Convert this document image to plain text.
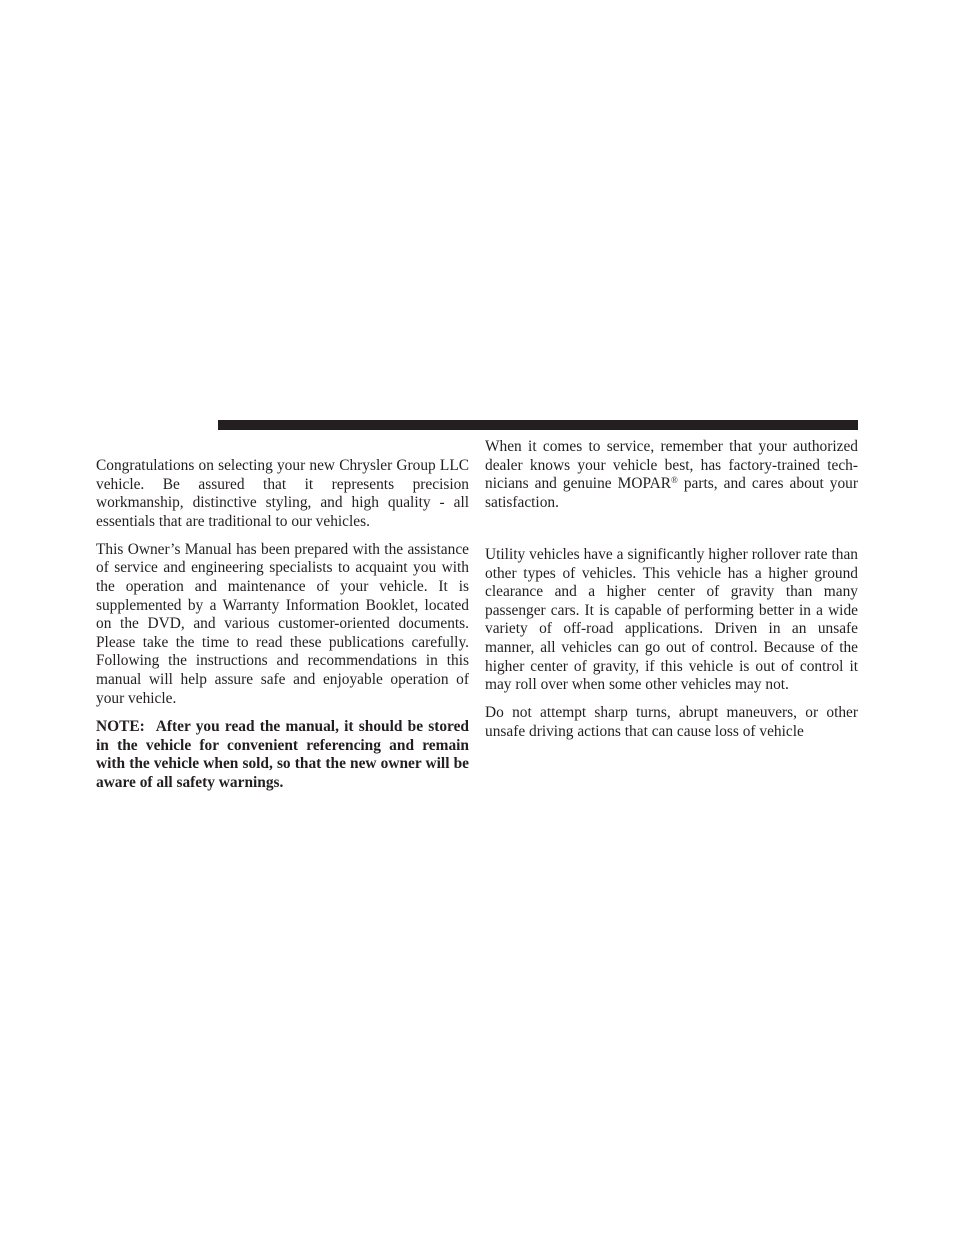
Congratulations on selecting your new Chrysler Group LLC vehicle. Be assured that it represents precision workmanship, distinctive styling, and high quality - all essentials that are traditional to our vehicles.

This Owner’s Manual has been prepared with the assistance of service and engineering specialists to acquaint you with the operation and maintenance of your vehicle. It is supplemented by a Warranty Information Booklet, located on the DVD, and various customer-oriented documents. Please take the time to read these publications carefully. Following the instructions and recommendations in this manual will help assure safe and enjoyable operation of your vehicle.

NOTE: After you read the manual, it should be stored in the vehicle for convenient referencing and remain with the vehicle when sold, so that the new owner will be aware of all safety warnings.

When it comes to service, remember that your authorized dealer knows your vehicle best, has factory-trained technicians and genuine MOPAR® parts, and cares about your satisfaction.

Utility vehicles have a significantly higher rollover rate than other types of vehicles. This vehicle has a higher ground clearance and a higher center of gravity than many passenger cars. It is capable of performing better in a wide variety of off-road applications. Driven in an unsafe manner, all vehicles can go out of control. Because of the higher center of gravity, if this vehicle is out of control it may roll over when some other vehicles may not.

Do not attempt sharp turns, abrupt maneuvers, or other unsafe driving actions that can cause loss of vehicle
